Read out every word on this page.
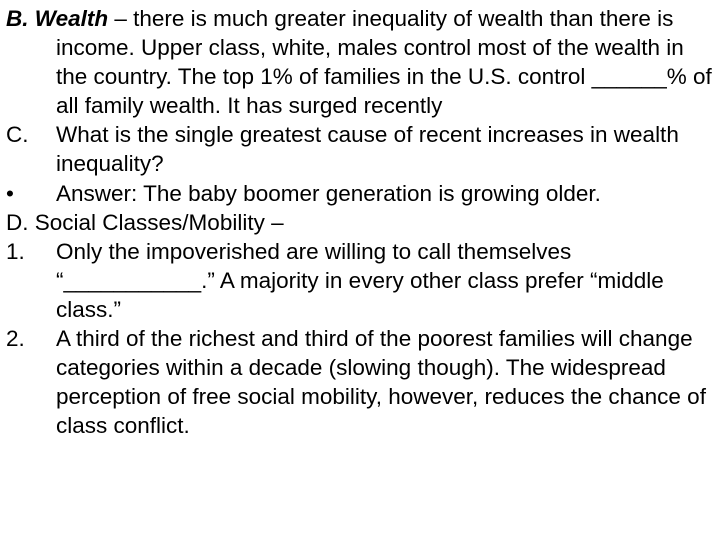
B. Wealth – there is much greater inequality of wealth than there is income. Upper class, white, males control most of the wealth in the country. The top 1% of families in the U.S. control ______% of all family wealth. It has surged recently
C. What is the single greatest cause of recent increases in wealth inequality?
• Answer: The baby boomer generation is growing older.
D. Social Classes/Mobility –
1. Only the impoverished are willing to call themselves “___________.” A majority in every other class prefer “middle class.”
2. A third of the richest and third of the poorest families will change categories within a decade (slowing though). The widespread perception of free social mobility, however, reduces the chance of class conflict.
